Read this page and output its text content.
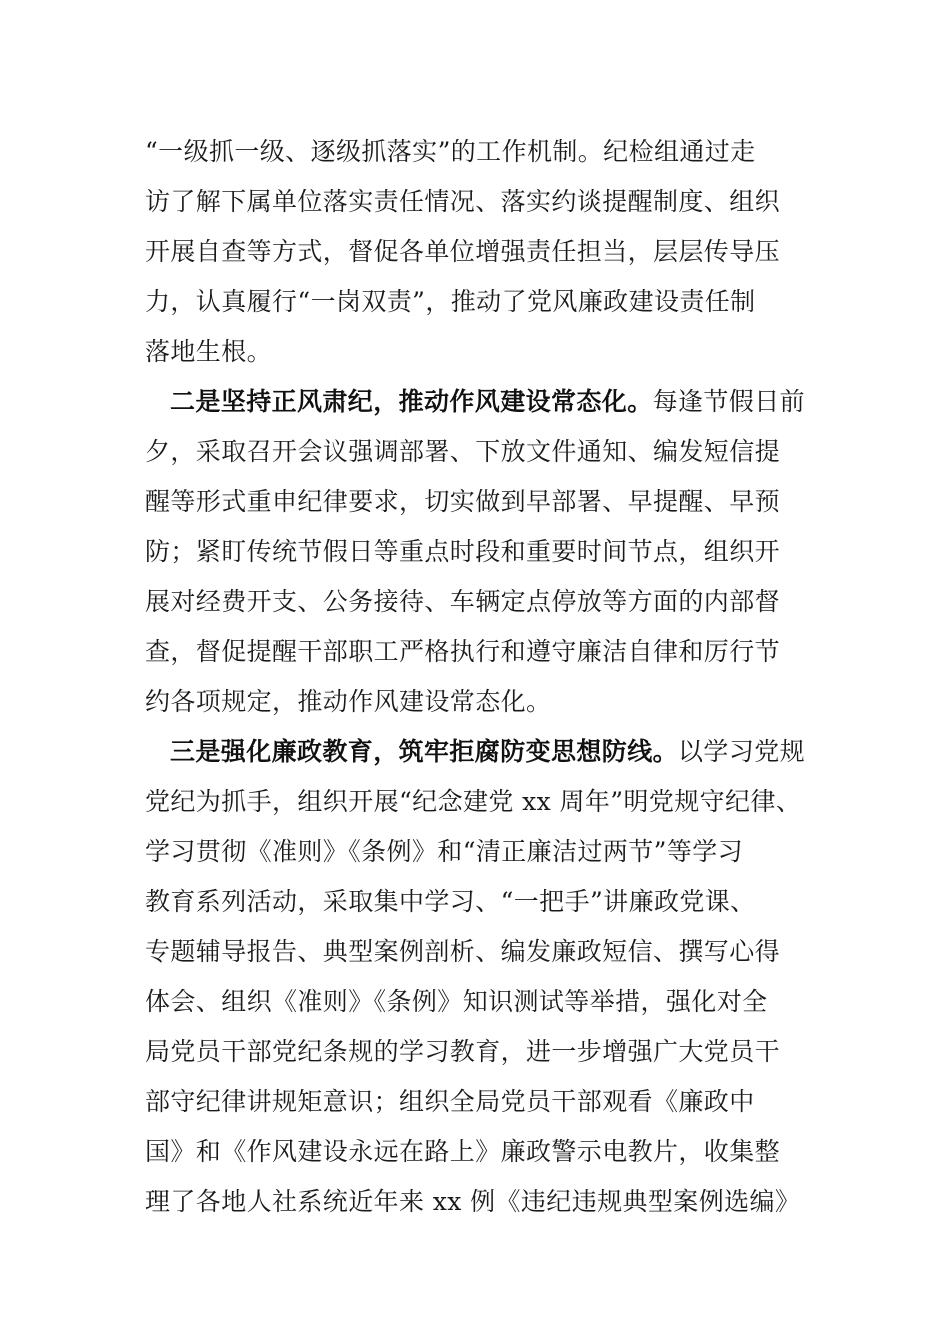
“一级抓一级、逐级抓落实”的工作机制。纪检组通过走
访了解下属单位落实责任情况、落实约谈提醒制度、组织
开展自查等方式，督促各单位增强责任担当，层层传导压
力，认真履行“一岗双责”，推动了党风廉政建设责任制
落地生根。
二是坚持正风肃纪，推动作风建设常态化。每逢节假日前
夕，采取召开会议强调部署、下放文件通知、编发短信提
醒等形式重申纪律要求，切实做到早部署、早提醒、早预
防；紧盯传统节假日等重点时段和重要时间节点，组织开
展对经费开支、公务接待、车辆定点停放等方面的内部督
查，督促提醒干部职工严格执行和遵守廉洁自律和厉行节
约各项规定，推动作风建设常态化。
三是强化廉政教育，筑牢拒腐防变思想防线。以学习党规
党纪为抓手，组织开展“纪念建党 xx 周年”明党规守纪律、
学习贯彻《准则》《条例》和“清正廉洁过两节”等学习
教育系列活动，采取集中学习、“一把手”讲廉政党课、
专题辅导报告、典型案例剖析、编发廉政短信、撰写心得
体会、组织《准则》《条例》知识测试等举措，强化对全
局党员干部党纪条规的学习教育，进一步增强广大党员干
部守纪律讲规矩意识；组织全局党员干部观看《廉政中
国》和《作风建设永远在路上》廉政警示电教片，收集整
理了各地人社系统近年来 xx 例《违纪违规典型案例选编》
